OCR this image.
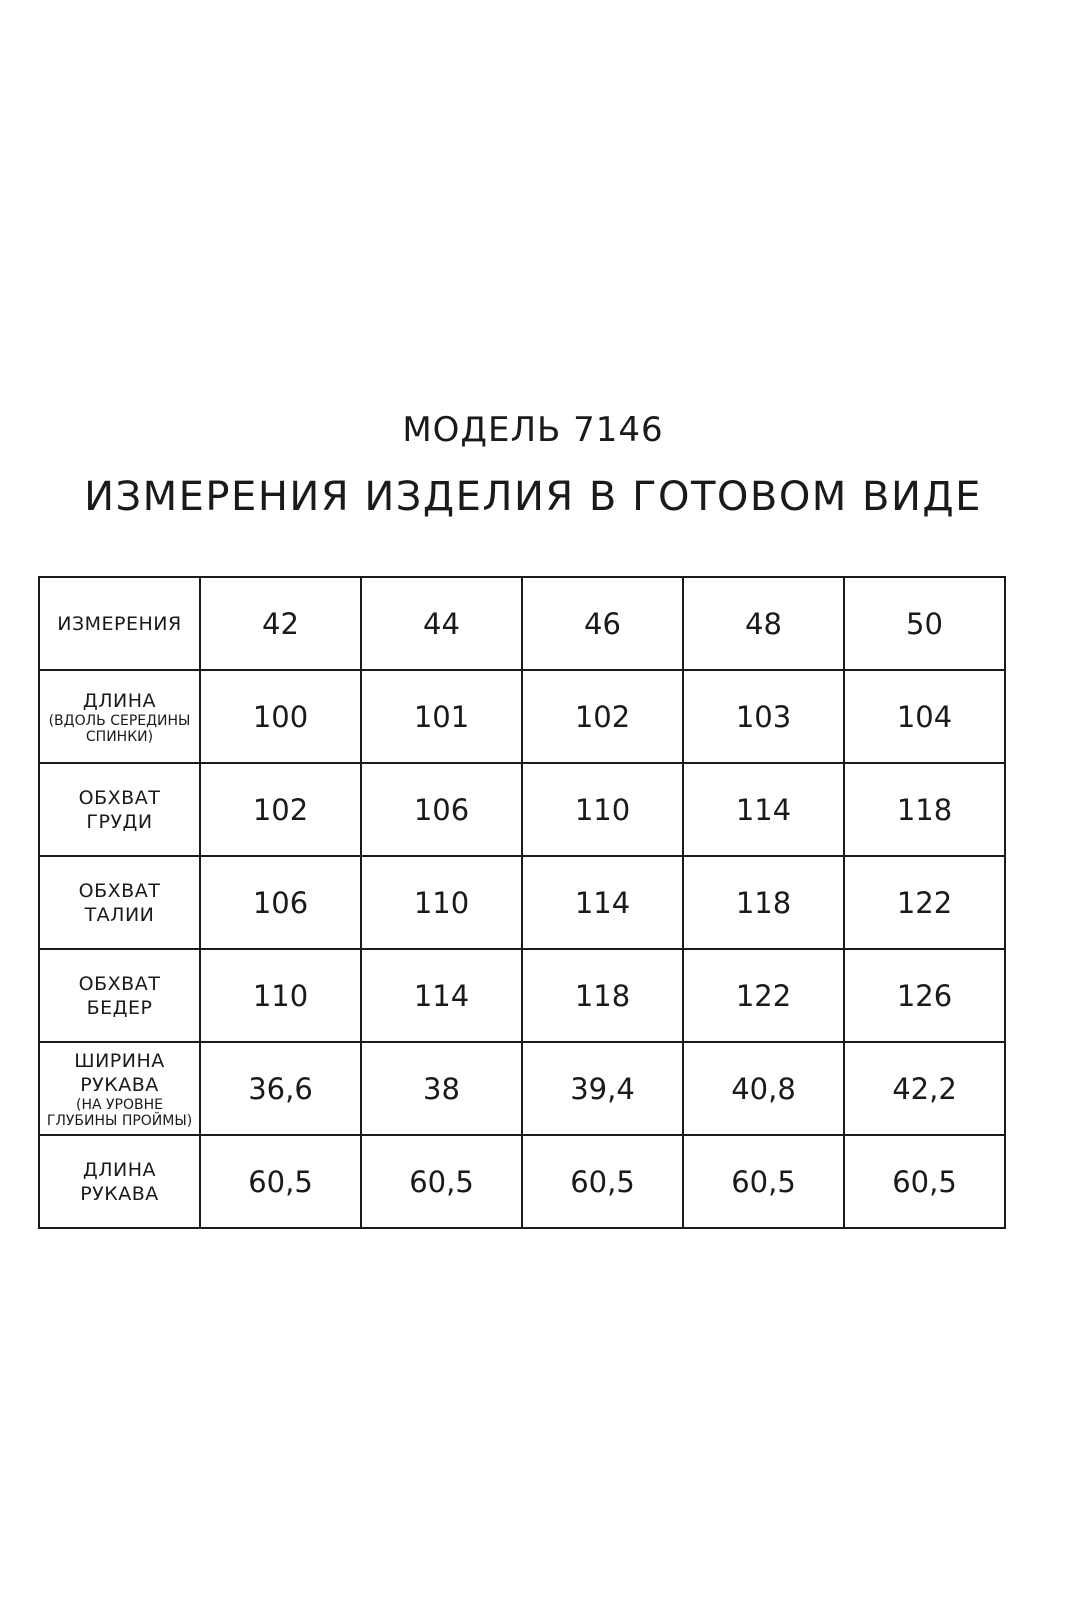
МОДЕЛЬ 7146
ИЗМЕРЕНИЯ ИЗДЕЛИЯ В ГОТОВОМ ВИДЕ
ИЗМЕРЕНИЯ	42	44	46	48	50

ДЛИНА
(ВДОЛЬ СЕРЕДИНЫ
СПИНКИ)	100	101	102	103	104

ОБХВАТ
ГРУДИ	102	106	110	114	118

ОБХВАТ
ТАЛИИ	106	110	114	118	122

ОБХВАТ
БЕДЕР	110	114	118	122	126

ШИРИНА
РУКАВА
(НА УРОВНЕ
ГЛУБИНЫ ПРОЙМЫ)	36,6	38	39,4	40,8	42,2

ДЛИНА
РУКАВА	60,5	60,5	60,5	60,5	60,5
